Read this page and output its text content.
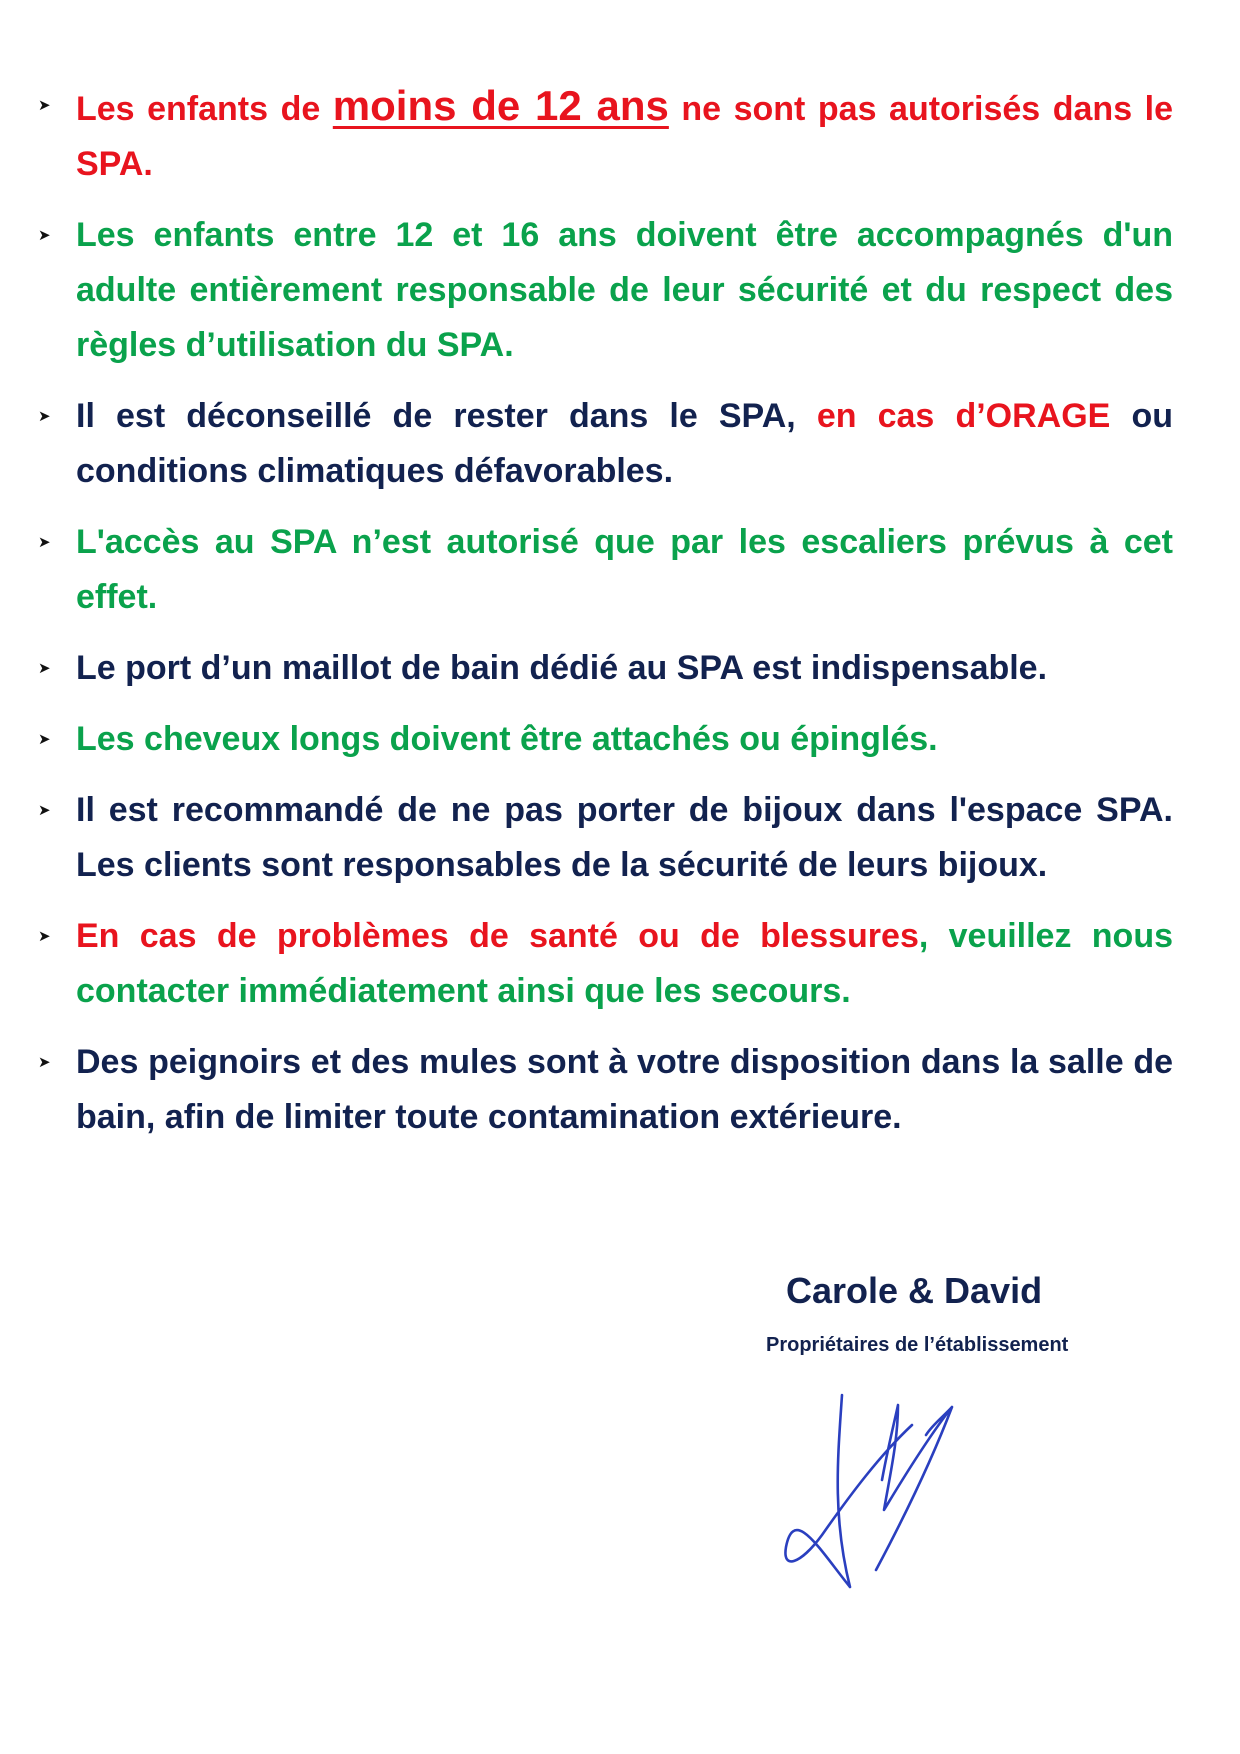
➤ Les enfants de moins de 12 ans ne sont pas autorisés dans le SPA.
➤ Les enfants entre 12 et 16 ans doivent être accompagnés d'un adulte entièrement responsable de leur sécurité et du respect des règles d’utilisation du SPA.
➤ Il est déconseillé de rester dans le SPA, en cas d’ORAGE ou conditions climatiques défavorables.
➤ L'accès au SPA n’est autorisé que par les escaliers prévus à cet effet.
➤ Le port d’un maillot de bain dédié au SPA est indispensable.
➤ Les cheveux longs doivent être attachés ou épinglés.
➤ Il est recommandé de ne pas porter de bijoux dans l'espace SPA. Les clients sont responsables de la sécurité de leurs bijoux.
➤ En cas de problèmes de santé ou de blessures, veuillez nous contacter immédiatement ainsi que les secours.
➤ Des peignoirs et des mules sont à votre disposition dans la salle de bain, afin de limiter toute contamination extérieure.
Carole & David
Propriétaires de l’établissement
